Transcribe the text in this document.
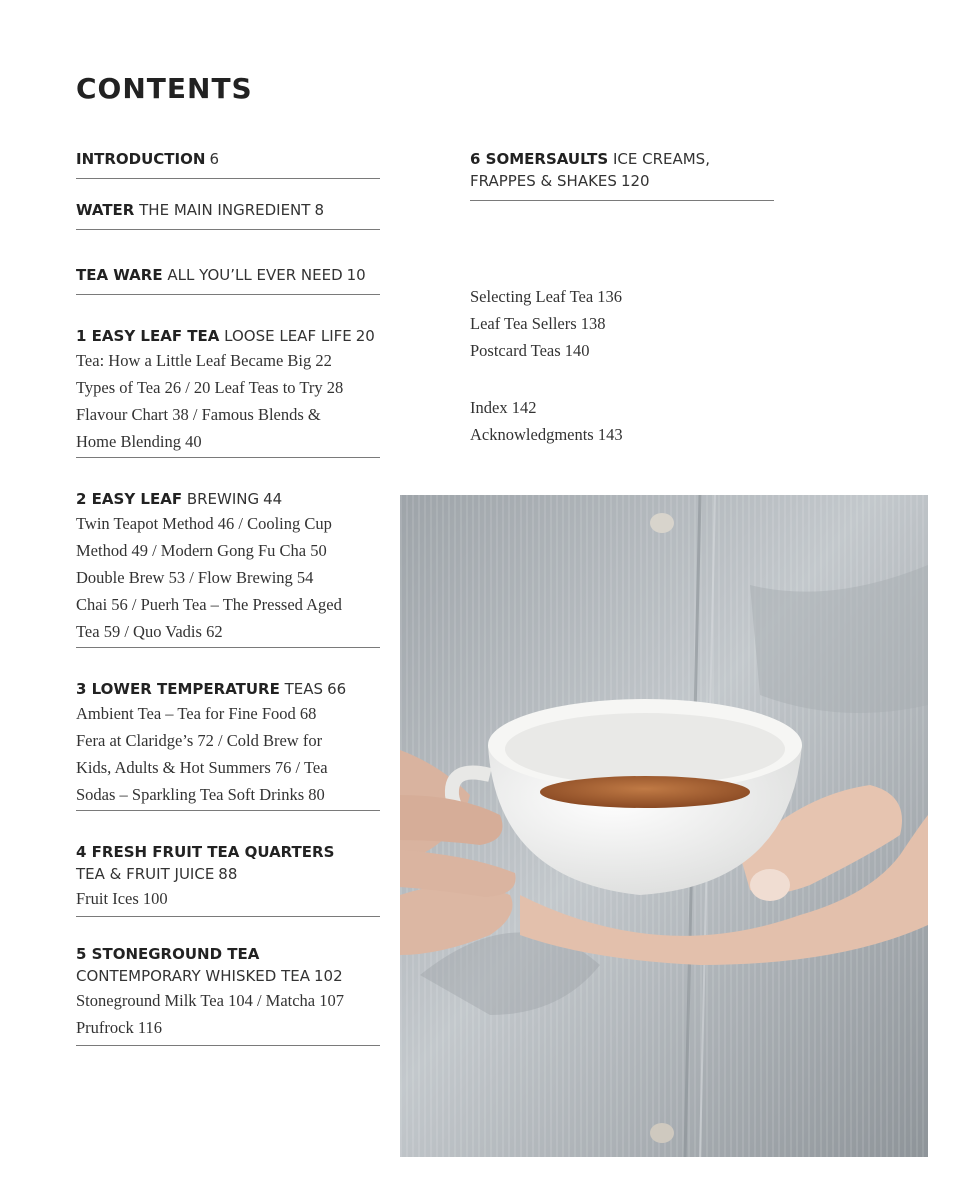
CONTENTS
INTRODUCTION 6
WATER THE MAIN INGREDIENT 8
TEA WARE ALL YOU’LL EVER NEED 10
1 EASY LEAF TEA LOOSE LEAF LIFE 20
Tea: How a Little Leaf Became Big 22
Types of Tea 26 / 20 Leaf Teas to Try 28
Flavour Chart 38 / Famous Blends &
Home Blending 40
2 EASY LEAF BREWING 44
Twin Teapot Method 46 / Cooling Cup
Method 49 / Modern Gong Fu Cha 50
Double Brew 53 / Flow Brewing 54
Chai 56 / Puerh Tea – The Pressed Aged
Tea 59 / Quo Vadis 62
3 LOWER TEMPERATURE TEAS 66
Ambient Tea – Tea for Fine Food 68
Fera at Claridge’s 72 / Cold Brew for
Kids, Adults & Hot Summers 76 / Tea
Sodas – Sparkling Tea Soft Drinks 80
4 FRESH FRUIT TEA QUARTERS
TEA & FRUIT JUICE 88
Fruit Ices 100
5 STONEGROUND TEA
CONTEMPORARY WHISKED TEA 102
Stoneground Milk Tea 104 / Matcha 107
Prufrock 116
6 SOMERSAULTS ICE CREAMS,
FRAPPES & SHAKES 120
Selecting Leaf Tea 136
Leaf Tea Sellers 138
Postcard Teas 140
Index 142
Acknowledgments 143
